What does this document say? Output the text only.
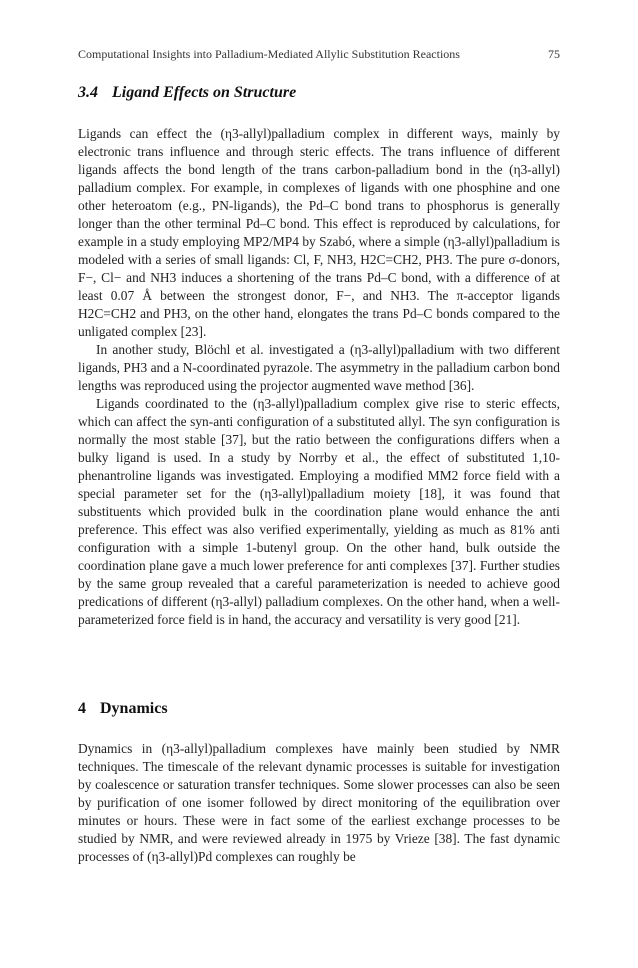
Computational Insights into Palladium-Mediated Allylic Substitution Reactions	75
3.4 Ligand Effects on Structure

Ligands can effect the (η3-allyl)palladium complex in different ways, mainly by electronic trans influence and through steric effects. The trans influence of different ligands affects the bond length of the trans carbon-palladium bond in the (η3-allyl) palladium complex. For example, in complexes of ligands with one phosphine and one other heteroatom (e.g., PN-ligands), the Pd–C bond trans to phosphorus is generally longer than the other terminal Pd–C bond. This effect is reproduced by calculations, for example in a study employing MP2/MP4 by Szabó, where a simple (η3-allyl)palladium is modeled with a series of small ligands: Cl, F, NH3, H2C=CH2, PH3. The pure σ-donors, F−, Cl− and NH3 induces a shortening of the trans Pd–C bond, with a difference of at least 0.07 Å between the strongest donor, F−, and NH3. The π-acceptor ligands H2C=CH2 and PH3, on the other hand, elongates the trans Pd–C bonds compared to the unligated complex [23].

In another study, Blöchl et al. investigated a (η3-allyl)palladium with two different ligands, PH3 and a N-coordinated pyrazole. The asymmetry in the palladium carbon bond lengths was reproduced using the projector augmented wave method [36].

Ligands coordinated to the (η3-allyl)palladium complex give rise to steric effects, which can affect the syn-anti configuration of a substituted allyl. The syn configuration is normally the most stable [37], but the ratio between the configurations differs when a bulky ligand is used. In a study by Norrby et al., the effect of substituted 1,10-phenantroline ligands was investigated. Employing a modified MM2 force field with a special parameter set for the (η3-allyl)palladium moiety [18], it was found that substituents which provided bulk in the coordination plane would enhance the anti preference. This effect was also verified experimentally, yielding as much as 81% anti configuration with a simple 1-butenyl group. On the other hand, bulk outside the coordination plane gave a much lower preference for anti complexes [37]. Further studies by the same group revealed that a careful parameterization is needed to achieve good predications of different (η3-allyl) palladium complexes. On the other hand, when a well-parameterized force field is in hand, the accuracy and versatility is very good [21].

4 Dynamics

Dynamics in (η3-allyl)palladium complexes have mainly been studied by NMR techniques. The timescale of the relevant dynamic processes is suitable for investigation by coalescence or saturation transfer techniques. Some slower processes can also be seen by purification of one isomer followed by direct monitoring of the equilibration over minutes or hours. These were in fact some of the earliest exchange processes to be studied by NMR, and were reviewed already in 1975 by Vrieze [38]. The fast dynamic processes of (η3-allyl)Pd complexes can roughly be
